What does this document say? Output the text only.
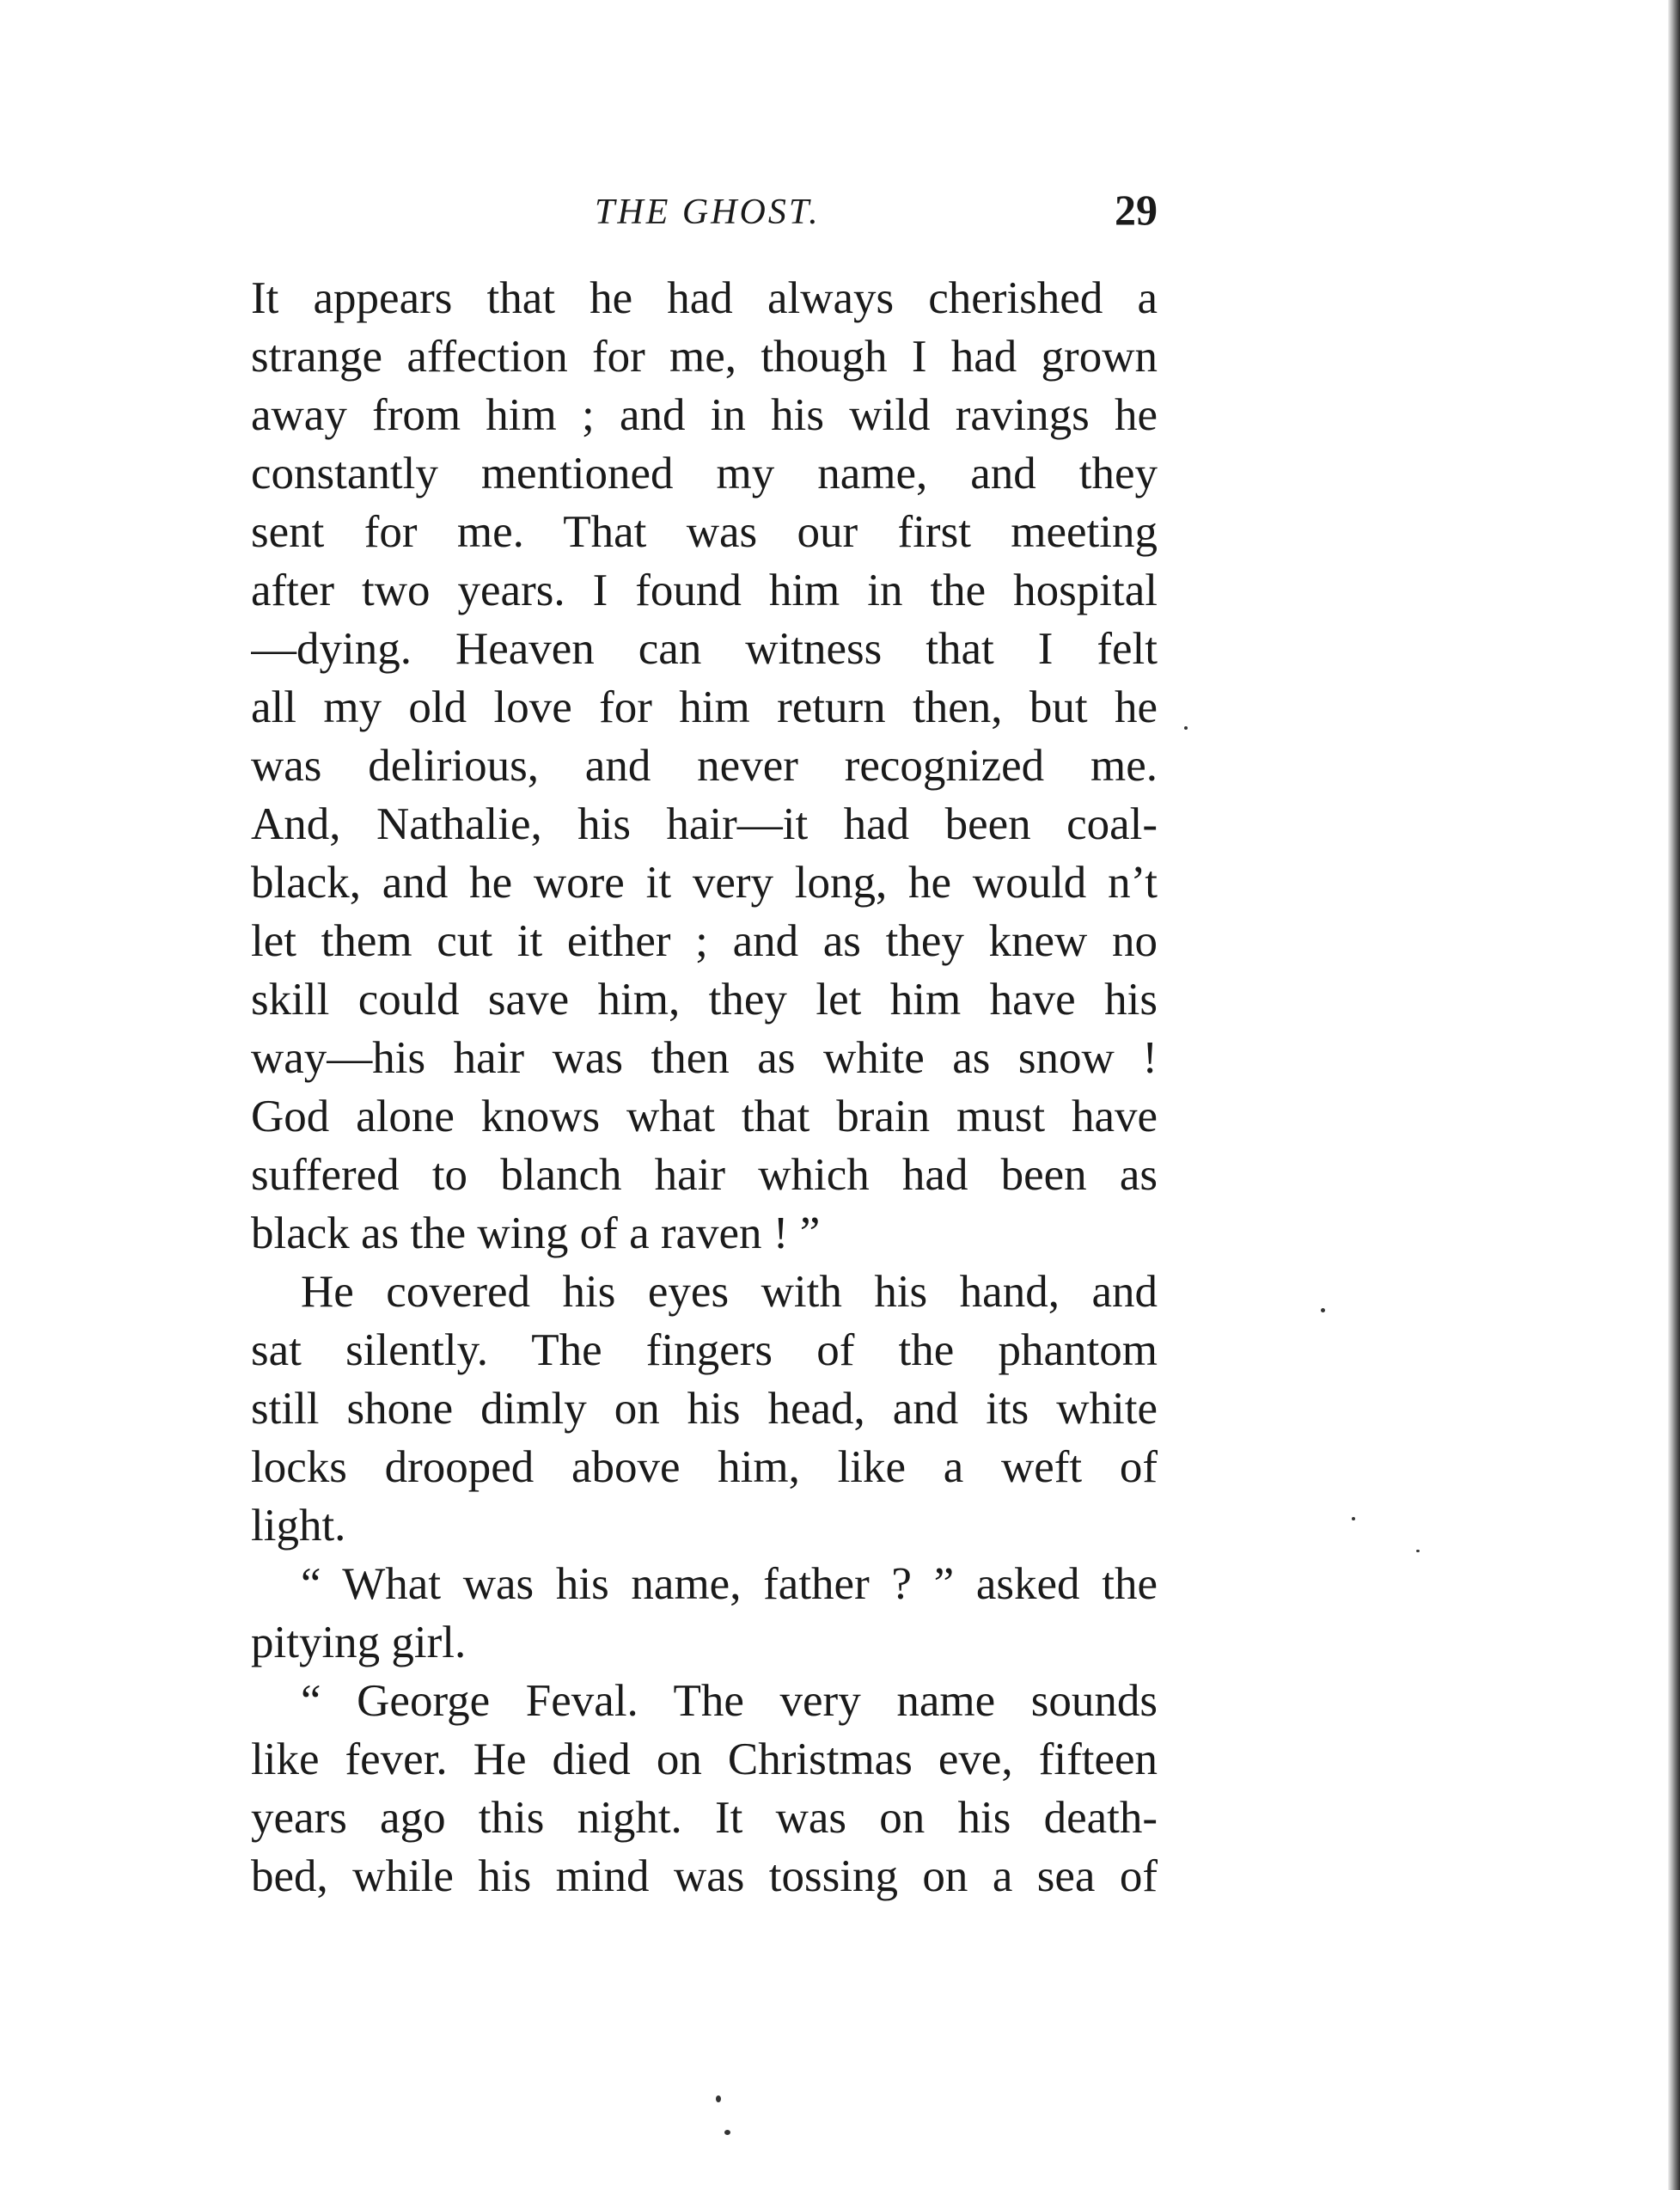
THE GHOST.	29
It appears that he had always cherished a
strange affection for me, though I had grown
away from him ; and in his wild ravings he
constantly mentioned my name, and they
sent for me. That was our first meeting
after two years. I found him in the hospital
—dying. Heaven can witness that I felt
all my old love for him return then, but he
was delirious, and never recognized me.
And, Nathalie, his hair—it had been coal-
black, and he wore it very long, he would n’t
let them cut it either ; and as they knew no
skill could save him, they let him have his
way—his hair was then as white as snow !
God alone knows what that brain must have
suffered to blanch hair which had been as
black as the wing of a raven ! ”
He covered his eyes with his hand, and
sat silently. The fingers of the phantom
still shone dimly on his head, and its white
locks drooped above him, like a weft of
light.
“ What was his name, father ? ” asked the
pitying girl.
“ George Feval. The very name sounds
like fever. He died on Christmas eve, fifteen
years ago this night. It was on his death-
bed, while his mind was tossing on a sea of
